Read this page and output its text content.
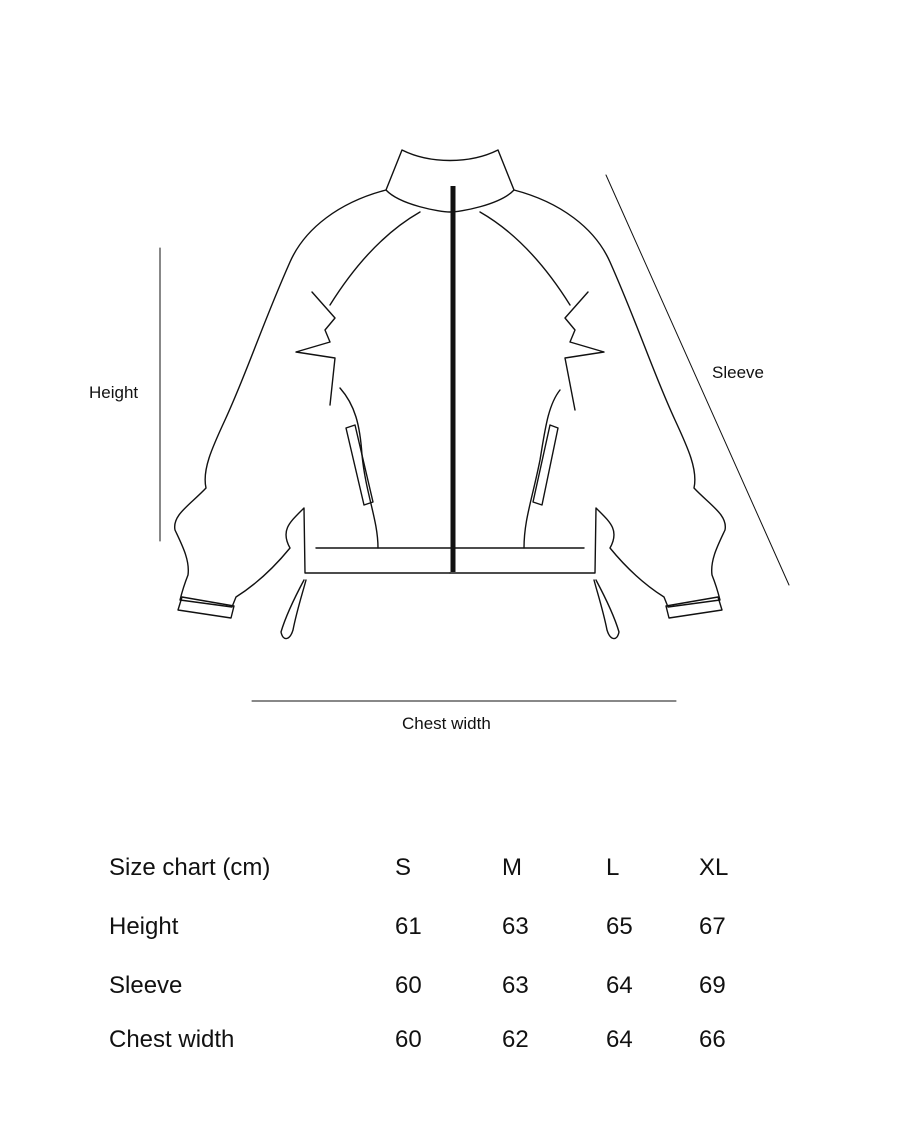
Height
Sleeve
Chest width
Size chart (cm)	S	M	L	XL
Height	61	63	65	67
Sleeve	60	63	64	69
Chest width	60	62	64	66
